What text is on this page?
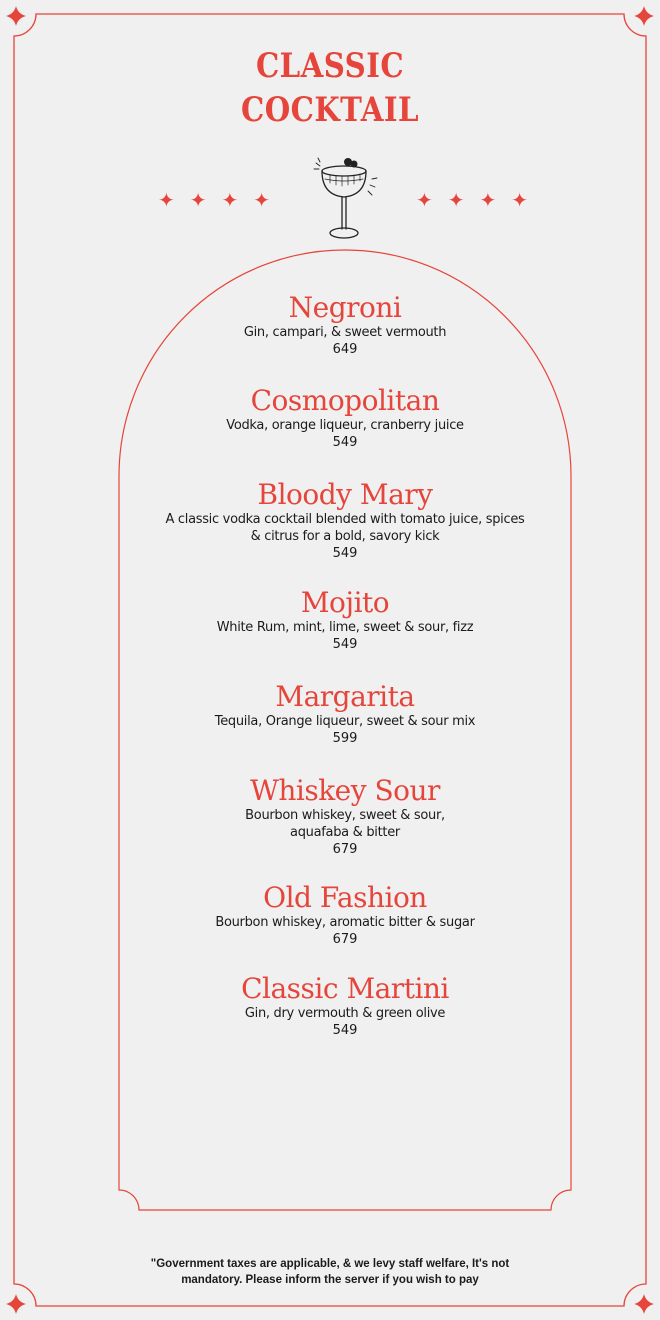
CLASSIC
COCKTAIL
✦✦✦✦	✦✦✦✦
Negroni
Gin, campari, & sweet vermouth
649
Cosmopolitan
Vodka, orange liqueur, cranberry juice
549
Bloody Mary
A classic vodka cocktail blended with tomato juice, spices
& citrus for a bold, savory kick
549
Mojito
White Rum, mint, lime, sweet & sour, fizz
549
Margarita
Tequila, Orange liqueur, sweet & sour mix
599
Whiskey Sour
Bourbon whiskey, sweet & sour,
aquafaba & bitter
679
Old Fashion
Bourbon whiskey, aromatic bitter & sugar
679
Classic Martini
Gin, dry vermouth & green olive
549
"Government taxes are applicable, & we levy staff welfare, It's not
mandatory. Please inform the server if you wish to pay
